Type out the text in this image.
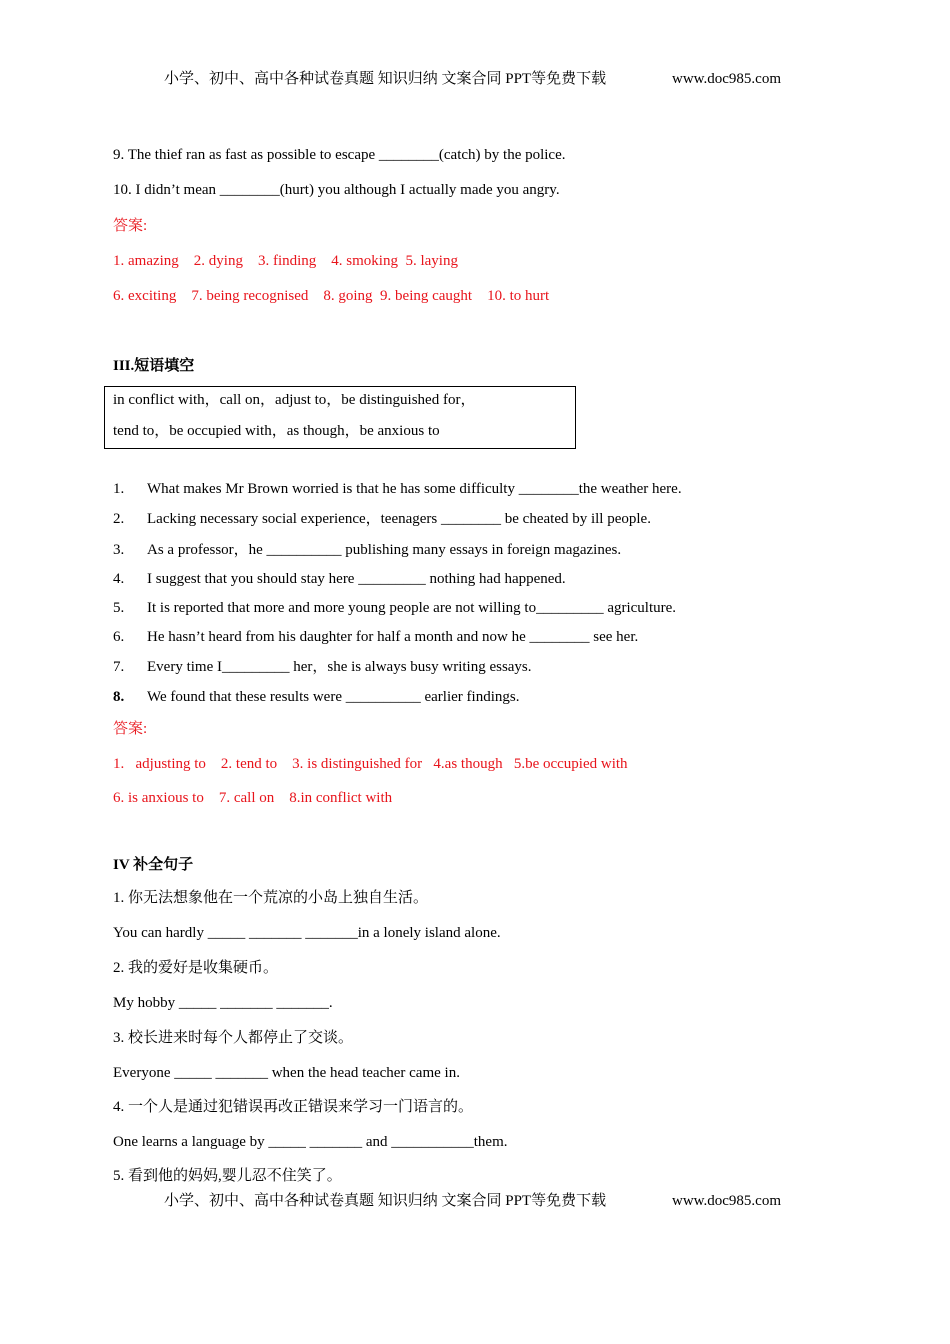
小学、初中、高中各种试卷真题 知识归纳 文案合同 PPT等免费下载	www.doc985.com
9. The thief ran as fast as possible to escape ________(catch) by the police.
10. I didn’t mean ________(hurt) you although I actually made you angry.
答案:
1. amazing    2. dying    3. finding    4. smoking  5. laying
6. exciting    7. being recognised    8. going  9. being caught    10. to hurt
III.短语填空
in conflict with，call on，adjust to，be distinguished for，
tend to，be occupied with，as though，be anxious to
1. What makes Mr Brown worried is that he has some difficulty ________the weather here.
2. Lacking necessary social experience，teenagers ________ be cheated by ill people.
3. As a professor，he __________ publishing many essays in foreign magazines.
4. I suggest that you should stay here _________ nothing had happened.
5. It is reported that more and more young people are not willing to_________ agriculture.
6. He hasn’t heard from his daughter for half a month and now he ________ see her.
7. Every time I_________ her，she is always busy writing essays.
8. We found that these results were __________ earlier findings.
答案:
1.   adjusting to    2. tend to    3. is distinguished for   4.as though   5.be occupied with
6. is anxious to    7. call on    8.in conflict with
IV 补全句子
1. 你无法想象他在一个荒凉的小岛上独自生活。
You can hardly _____ _______ _______in a lonely island alone.
2. 我的爱好是收集硬币。
My hobby _____ _______ _______.
3. 校长进来时每个人都停止了交谈。
Everyone _____ _______ when the head teacher came in.
4. 一个人是通过犯错误再改正错误来学习一门语言的。
One learns a language by _____ _______ and ___________them.
5. 看到他的妈妈,婴儿忍不住笑了。
小学、初中、高中各种试卷真题 知识归纳 文案合同 PPT等免费下载	www.doc985.com
